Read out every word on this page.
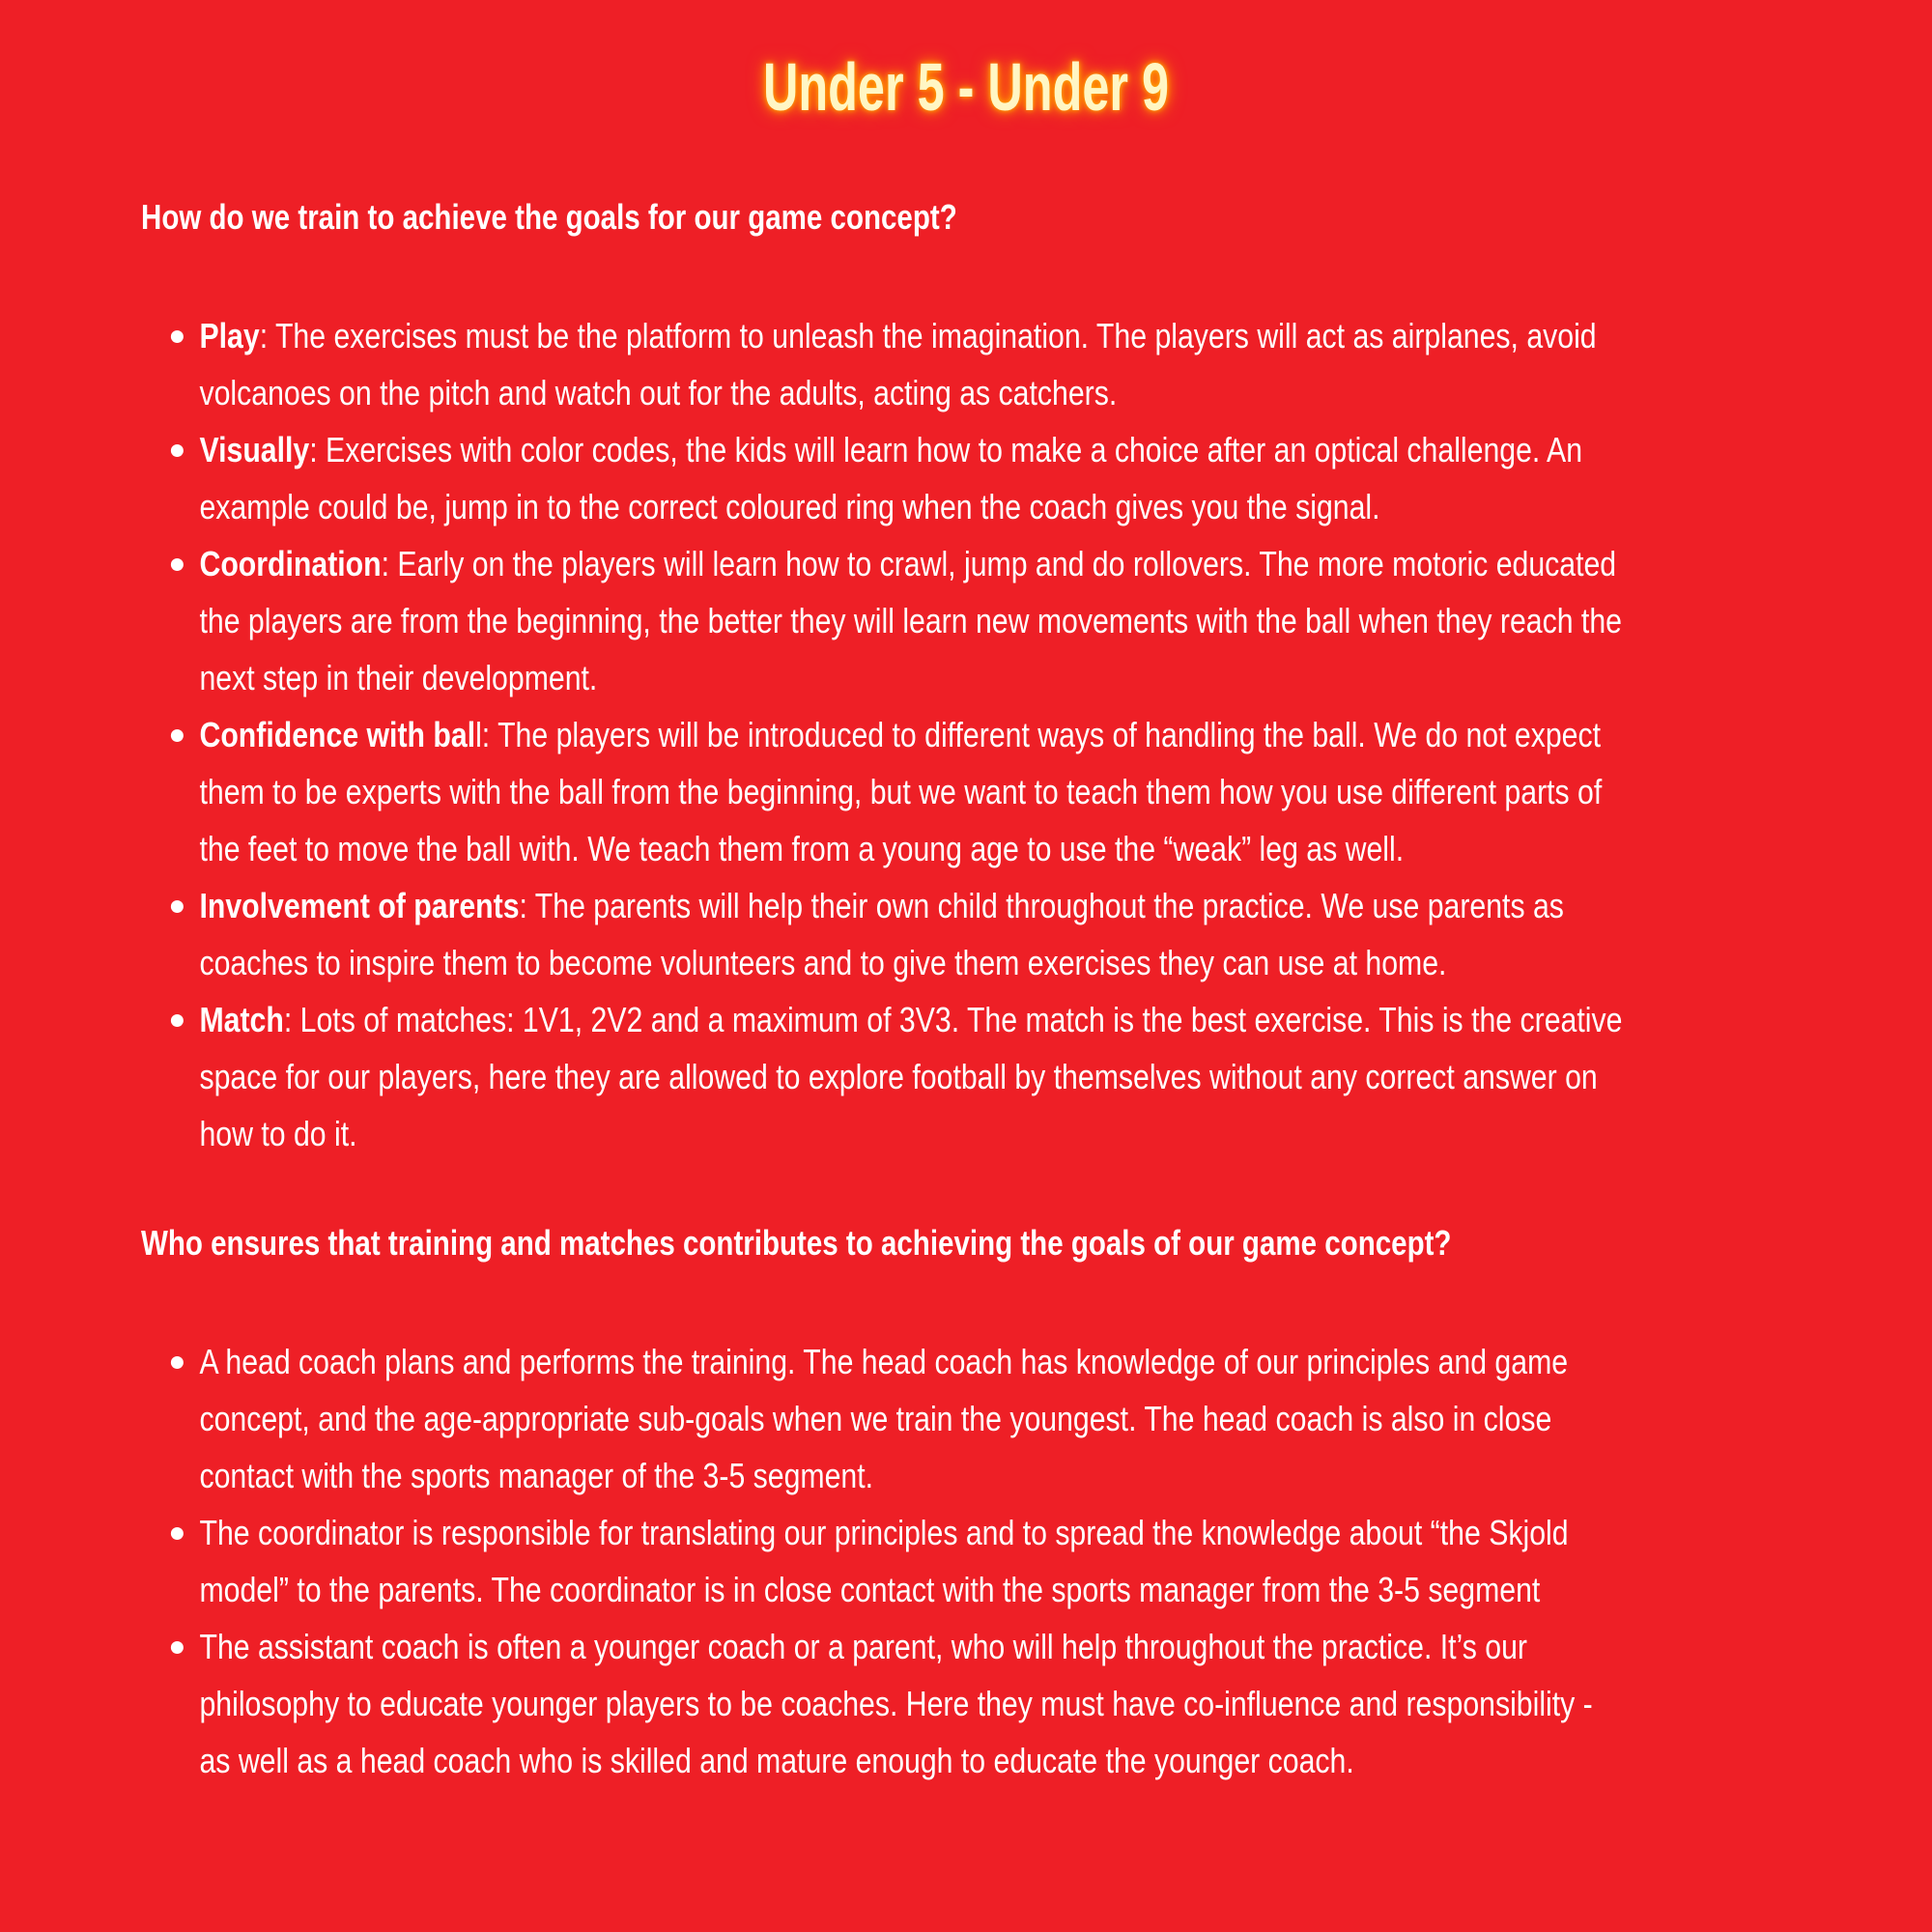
Under 5 - Under 9
How do we train to achieve the goals for our game concept?
Play: The exercises must be the platform to unleash the imagination. The players will act as airplanes, avoid volcanoes on the pitch and watch out for the adults, acting as catchers.
Visually: Exercises with color codes, the kids will learn how to make a choice after an optical challenge. An example could be, jump in to the correct coloured ring when the coach gives you the signal.
Coordination: Early on the players will learn how to crawl, jump and do rollovers. The more motoric educated the players are from the beginning, the better they will learn new movements with the ball when they reach the next step in their development.
Confidence with ball: The players will be introduced to different ways of handling the ball. We do not expect them to be experts with the ball from the beginning, but we want to teach them how you use different parts of the feet to move the ball with. We teach them from a young age to use the “weak” leg as well.
Involvement of parents: The parents will help their own child throughout the practice. We use parents as coaches to inspire them to become volunteers and to give them exercises they can use at home.
Match: Lots of matches: 1V1, 2V2 and a maximum of 3V3. The match is the best exercise. This is the creative space for our players, here they are allowed to explore football by themselves without any correct answer on how to do it.
Who ensures that training and matches contributes to achieving the goals of our game concept?
A head coach plans and performs the training. The head coach has knowledge of our principles and game concept, and the age-appropriate sub-goals when we train the youngest. The head coach is also in close contact with the sports manager of the 3-5 segment.
The coordinator is responsible for translating our principles and to spread the knowledge about “the Skjold model” to the parents. The coordinator is in close contact with the sports manager from the 3-5 segment
The assistant coach is often a younger coach or a parent, who will help throughout the practice. It’s our philosophy to educate younger players to be coaches. Here they must have co-influence and responsibility - as well as a head coach who is skilled and mature enough to educate the younger coach.
